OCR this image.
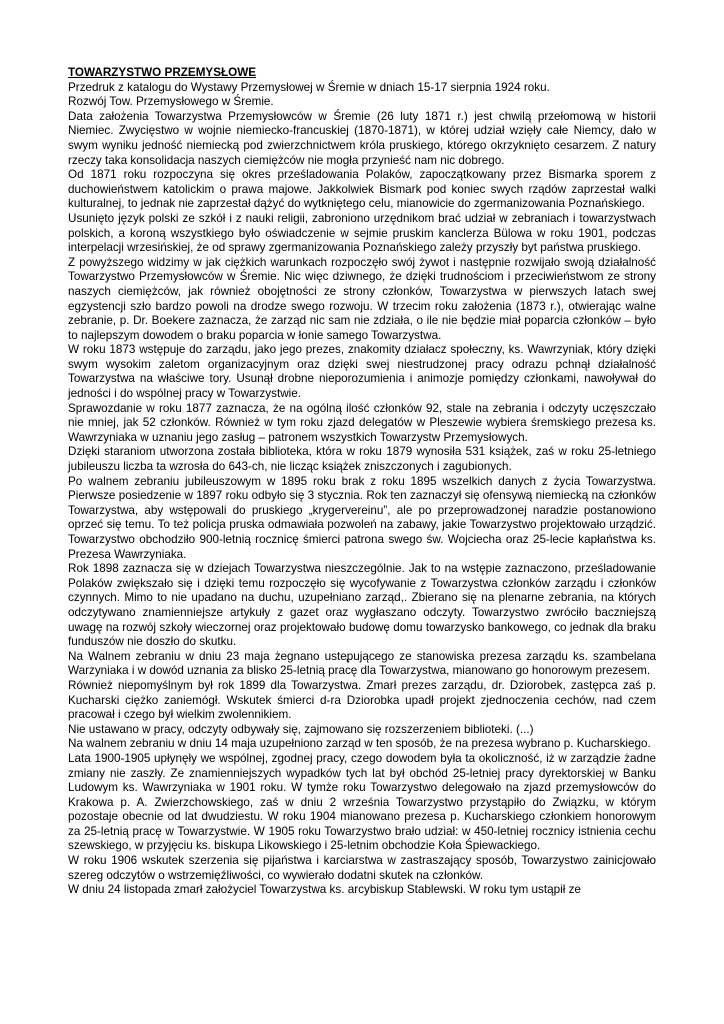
TOWARZYSTWO PRZEMYSŁOWE

Przedruk z katalogu do Wystawy Przemysłowej w Śremie w dniach 15-17 sierpnia 1924 roku.

Rozwój Tow. Przemysłowego w Śremie.

Data założenia Towarzystwa Przemysłowców w Śremie (26 luty 1871 r.) jest chwilą przełomową w historii Niemiec. Zwycięstwo w wojnie niemiecko-francuskiej (1870-1871), w której udział wzięły całe Niemcy, dało w swym wyniku jedność niemiecką pod zwierzchnictwem króla pruskiego, którego okrzyknięto cesarzem. Z natury rzeczy taka konsolidacja naszych ciemiężców nie mogła przynieść nam nic dobrego.

Od 1871 roku rozpoczyna się okres prześladowania Polaków, zapoczątkowany przez Bismarka sporem z duchowieństwem katolickim o prawa majowe. Jakkolwiek Bismark pod koniec swych rządów zaprzestał walki kulturalnej, to jednak nie zaprzestał dążyć do wytkniętego celu, mianowicie do zgermanizowania Poznańskiego.

Usunięto język polski ze szkół i z nauki religii, zabroniono urzędnikom brać udział w zebraniach i towarzystwach polskich, a koroną wszystkiego było oświadczenie w sejmie pruskim kanclerza Bülowa w roku 1901, podczas interpelacji wrzesińskiej, że od sprawy zgermanizowania Poznańskiego zależy przyszły byt państwa pruskiego.

Z powyższego widzimy w jak ciężkich warunkach rozpoczęło swój żywot i następnie rozwijało swoją działalność Towarzystwo Przemysłowców w Śremie. Nic więc dziwnego, że dzięki trudnościom i przeciwieństwom ze strony naszych ciemiężców, jak również obojętności ze strony członków, Towarzystwa w pierwszych latach swej egzystencji szło bardzo powoli na drodze swego rozwoju. W trzecim roku założenia (1873 r.), otwierając walne zebranie, p. Dr. Boekere zaznacza, że zarząd nic sam nie zdziała, o ile nie będzie miał poparcia członków – było to najlepszym dowodem o braku poparcia w łonie samego Towarzystwa.

W roku 1873 wstępuje do zarządu, jako jego prezes, znakomity działacz społeczny, ks. Wawrzyniak, który dzięki swym wysokim zaletom organizacyjnym oraz dzięki swej niestrudzonej pracy odrazu pchnął działalność Towarzystwa na właściwe tory. Usunął drobne nieporozumienia i animozje pomiędzy członkami, nawoływał do jedności i do wspólnej pracy w Towarzystwie.

Sprawozdanie w roku 1877 zaznacza, że na ogólną ilość członków 92, stale na zebrania i odczyty uczęszczało nie mniej, jak 52 członków. Również w tym roku zjazd delegatów w Pleszewie wybiera śremskiego prezesa ks. Wawrzyniaka w uznaniu jego zasług – patronem wszystkich Towarzystw Przemysłowych.

Dzięki staraniom utworzona została biblioteka, która w roku 1879 wynosiła 531 książek, zaś w roku 25-letniego jubileuszu liczba ta wzrosła do 643-ch, nie licząc książek zniszczonych i zagubionych.

Po walnem zebraniu jubileuszowym w 1895 roku brak z roku 1895 wszelkich danych z życia Towarzystwa. Pierwsze posiedzenie w 1897 roku odbyło się 3 stycznia. Rok ten zaznaczył się ofensywą niemiecką na członków Towarzystwa, aby wstępowali do pruskiego „krygervereinu”, ale po przeprowadzonej naradzie postanowiono oprzeć się temu. To też policja pruska odmawiała pozwoleń na zabawy, jakie Towarzystwo projektowało urządzić. Towarzystwo obchodziło 900-letnią rocznicę śmierci patrona swego św. Wojciecha oraz 25-lecie kapłaństwa ks. Prezesa Wawrzyniaka.

Rok 1898 zaznacza się w dziejach Towarzystwa nieszczególnie. Jak to na wstępie zaznaczono, prześladowanie Polaków zwiększało się i dzięki temu rozpoczęło się wycofywanie z Towarzystwa członków zarządu i członków czynnych. Mimo to nie upadano na duchu, uzupełniano zarząd,. Zbierano się na plenarne zebrania, na których odczytywano znamienniejsze artykuły z gazet oraz wygłaszano odczyty. Towarzystwo zwróciło baczniejszą uwagę na rozwój szkoły wieczornej oraz projektowało budowę domu towarzysko bankowego, co jednak dla braku funduszów nie doszło do skutku.

Na Walnem zebraniu w dniu 23 maja żegnano uste̢pującego ze stanowiska prezesa zarządu ks. szambelana Warzyniaka i w dowód uznania za blisko 25-letnią pracę dla Towarzystwa, mianowano go honorowym prezesem.

Również niepomyślnym był rok 1899 dla Towarzystwa. Zmarł prezes zarządu, dr. Dziorobek, zastępca zaś p. Kucharski ciężko zaniemógł. Wskutek śmierci d-ra Dziorobka upadł projekt zjednoczenia cechów, nad czem pracował i czego był wielkim zwolennikiem.

Nie ustawano w pracy, odczyty odbywały się, zajmowano się rozszerzeniem biblioteki. (...)

Na walnem zebraniu w dniu 14 maja uzupełniono zarząd w ten sposób, że na prezesa wybrano p. Kucharskiego.

Lata 1900-1905 upłynęły we wspólnej, zgodnej pracy, czego dowodem była ta okoliczność, iż w zarządzie żadne zmiany nie zaszły. Ze znamienniejszych wypadków tych lat był obchód 25-letniej pracy dyrektorskiej w Banku Ludowym ks. Wawrzyniaka w 1901 roku. W tymże roku Towarzystwo delegowało na zjazd przemysłowców do Krakowa p. A. Zwierzchowskiego, zaś w dniu 2 września Towarzystwo przystąpiło do Związku, w którym pozostaje obecnie od lat dwudziestu. W roku 1904 mianowano prezesa p. Kucharskiego członkiem honorowym za 25-letnią pracę w Towarzystwie. W 1905 roku Towarzystwo brało udział: w 450-letniej rocznicy istnienia cechu szewskiego, w przyjęciu ks. biskupa Likowskiego i 25-letnim obchodzie Koła Śpiewackiego.

W roku 1906 wskutek szerzenia się pijaństwa i karciarstwa w zastraszający sposób, Towarzystwo zainicjowało szereg odczytów o wstrzemięźliwości, co wywierało dodatni skutek na członków.

W dniu 24 listopada zmarł założyciel Towarzystwa ks. arcybiskup Stablewski. W roku tym ustąpił ze
